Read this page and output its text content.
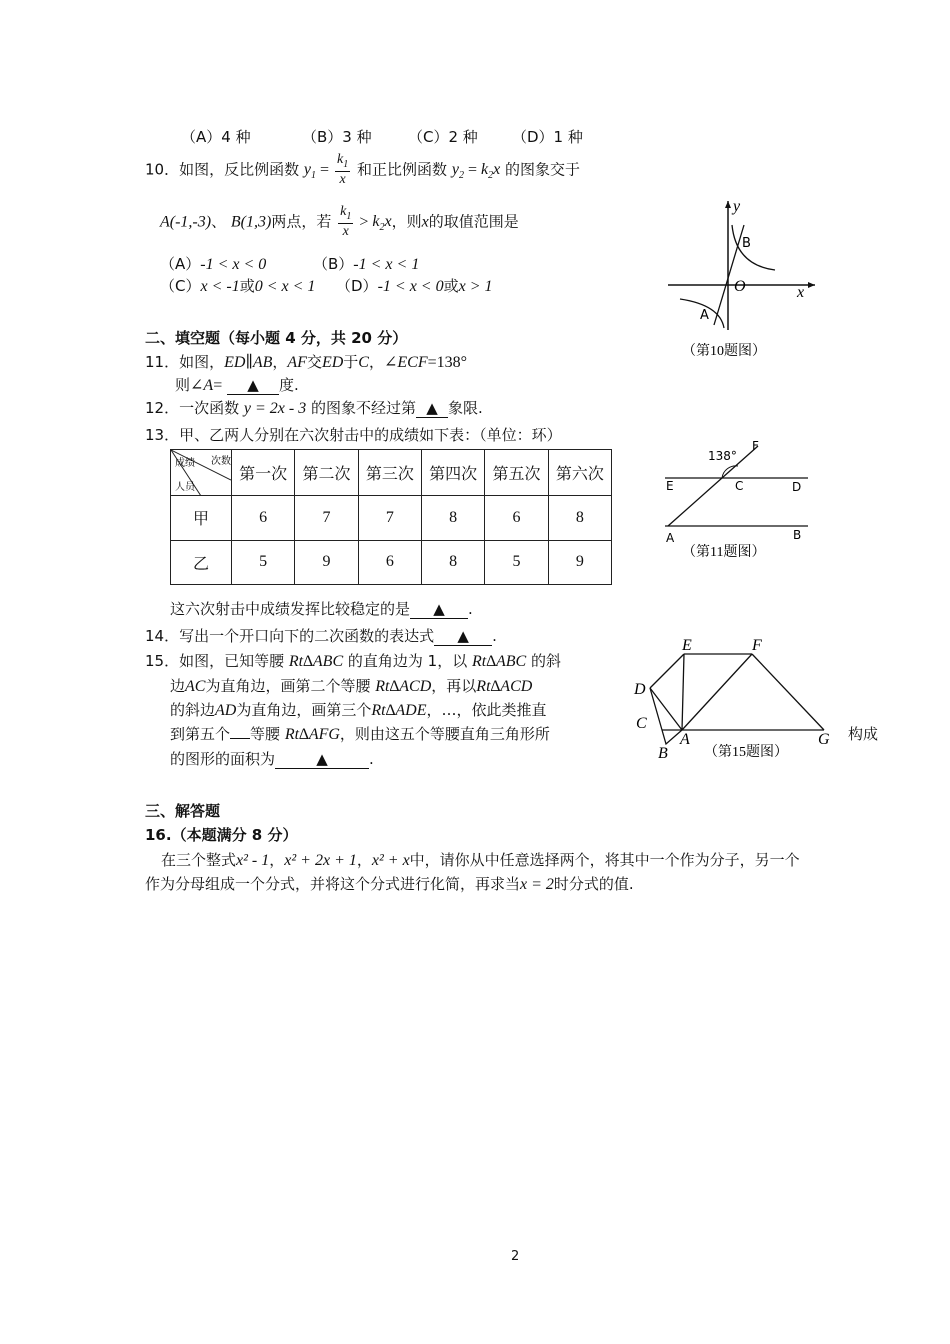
（A）4 种	（B）3 种 （C）2 种 （D）1 种
10．如图，反比例函数 $y_1 = \frac{k_1}{x}$ 和正比例函数 $y_2 = k_2x$ 的图象交于
A(-1,-3)、 B(1,3)两点，若 $\frac{k_1}{x} > k_2x$，则x的取值范围是
（A）-1 < x < 0	（B）-1 < x < 1
（C）x < -1或0 < x < 1 （D）-1 < x < 0或x > 1
y
x
O
B
A
（第10题图）
二、填空题（每小题 4 分，共 20 分）
11．如图，ED∥AB，AF交ED于C，∠ECF=138°
则∠A= ▲ 度.
12．一次函数 y = 2x - 3 的图象不经过第 ▲ 象限.
13．甲、乙两人分别在六次射击中的成绩如下表：（单位：环）
次数
成绩
人员	第一次	第二次	第三次	第四次	第五次	第六次
甲	6	7	7	8	6	8
乙	5	9	6	8	5	9
这六次射击中成绩发挥比较稳定的是 ▲ .
138°
F
E	C	D
A	B
（第11题图）
14．写出一个开口向下的二次函数的表达式 ▲ .
15．如图，已知等腰 Rt∆ABC 的直角边为 1，以 Rt∆ABC 的斜
边AC为直角边，画第二个等腰 Rt∆ACD，再以Rt∆ACD
的斜边AD为直角边，画第三个Rt∆ADE，…，依此类推直
到第五个 等腰 Rt∆AFG，则由这五个等腰直角三角形所
的图形的面积为	▲	.
E	F
D
C
A
B
G
（第15题图）
构成
三、解答题
16.（本题满分 8 分）
在三个整式x² - 1，x² + 2x + 1，x² + x中，请你从中任意选择两个，将其中一个作为分子，另一个
作为分母组成一个分式，并将这个分式进行化简，再求当x = 2时分式的值.
2
